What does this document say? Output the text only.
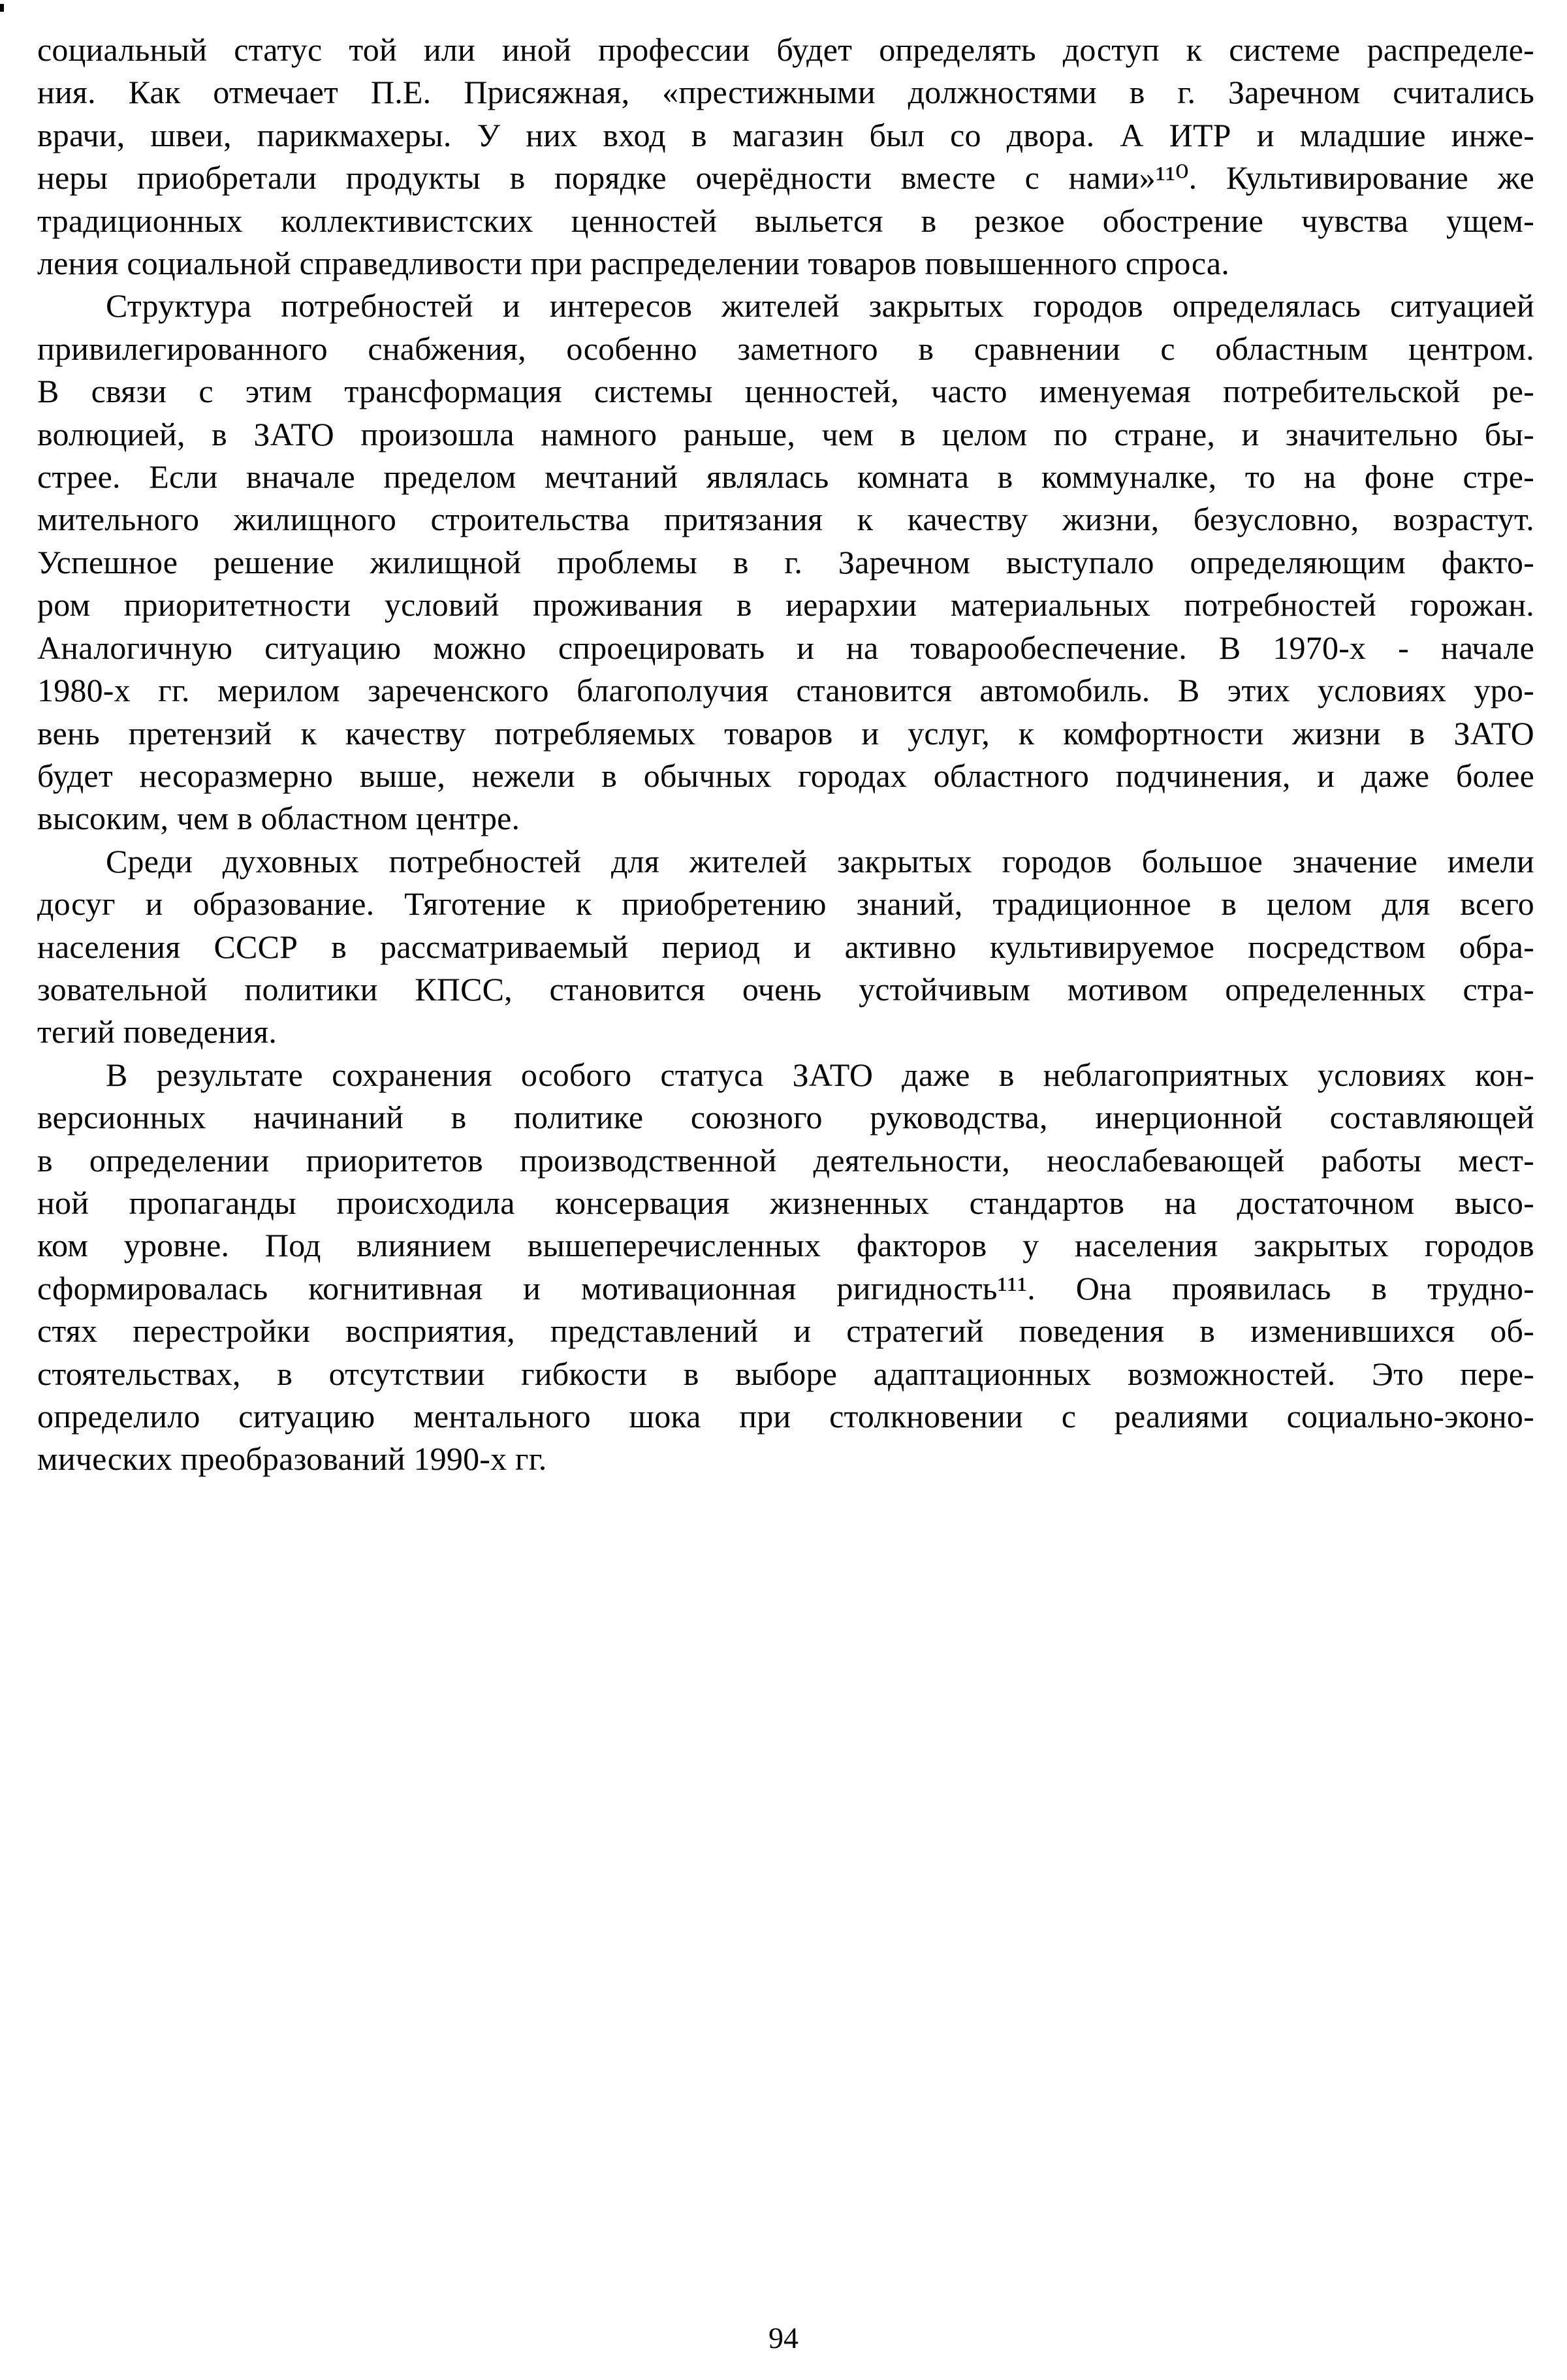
социальный статус той или иной профессии будет определять доступ к системе распределе-
ния. Как отмечает П.Е. Присяжная, «престижными должностями в г. Заречном считались
врачи, швеи, парикмахеры. У них вход в магазин был со двора. А ИТР и младшие инже-
неры приобретали продукты в порядке очерёдности вместе с нами»¹¹⁰. Культивирование же
традиционных коллективистских ценностей выльется в резкое обострение чувства ущем-
ления социальной справедливости при распределении товаров повышенного спроса.
Структура потребностей и интересов жителей закрытых городов определялась ситуацией
привилегированного снабжения, особенно заметного в сравнении с областным центром.
В связи с этим трансформация системы ценностей, часто именуемая потребительской ре-
волюцией, в ЗАТО произошла намного раньше, чем в целом по стране, и значительно бы-
стрее. Если вначале пределом мечтаний являлась комната в коммуналке, то на фоне стре-
мительного жилищного строительства притязания к качеству жизни, безусловно, возрастут.
Успешное решение жилищной проблемы в г. Заречном выступало определяющим факто-
ром приоритетности условий проживания в иерархии материальных потребностей горожан.
Аналогичную ситуацию можно спроецировать и на товарообеспечение. В 1970-х - начале
1980-х гг. мерилом зареченского благополучия становится автомобиль. В этих условиях уро-
вень претензий к качеству потребляемых товаров и услуг, к комфортности жизни в ЗАТО
будет несоразмерно выше, нежели в обычных городах областного подчинения, и даже более
высоким, чем в областном центре.
Среди духовных потребностей для жителей закрытых городов большое значение имели
досуг и образование. Тяготение к приобретению знаний, традиционное в целом для всего
населения СССР в рассматриваемый период и активно культивируемое посредством обра-
зовательной политики КПСС, становится очень устойчивым мотивом определенных стра-
тегий поведения.
В результате сохранения особого статуса ЗАТО даже в неблагоприятных условиях кон-
версионных начинаний в политике союзного руководства, инерционной составляющей
в определении приоритетов производственной деятельности, неослабевающей работы мест-
ной пропаганды происходила консервация жизненных стандартов на достаточном высо-
ком уровне. Под влиянием вышеперечисленных факторов у населения закрытых городов
сформировалась когнитивная и мотивационная ригидность¹¹¹. Она проявилась в трудно-
стях перестройки восприятия, представлений и стратегий поведения в изменившихся об-
стоятельствах, в отсутствии гибкости в выборе адаптационных возможностей. Это пере-
определило ситуацию ментального шока при столкновении с реалиями социально-эконо-
мических преобразований 1990-х гг.
94
